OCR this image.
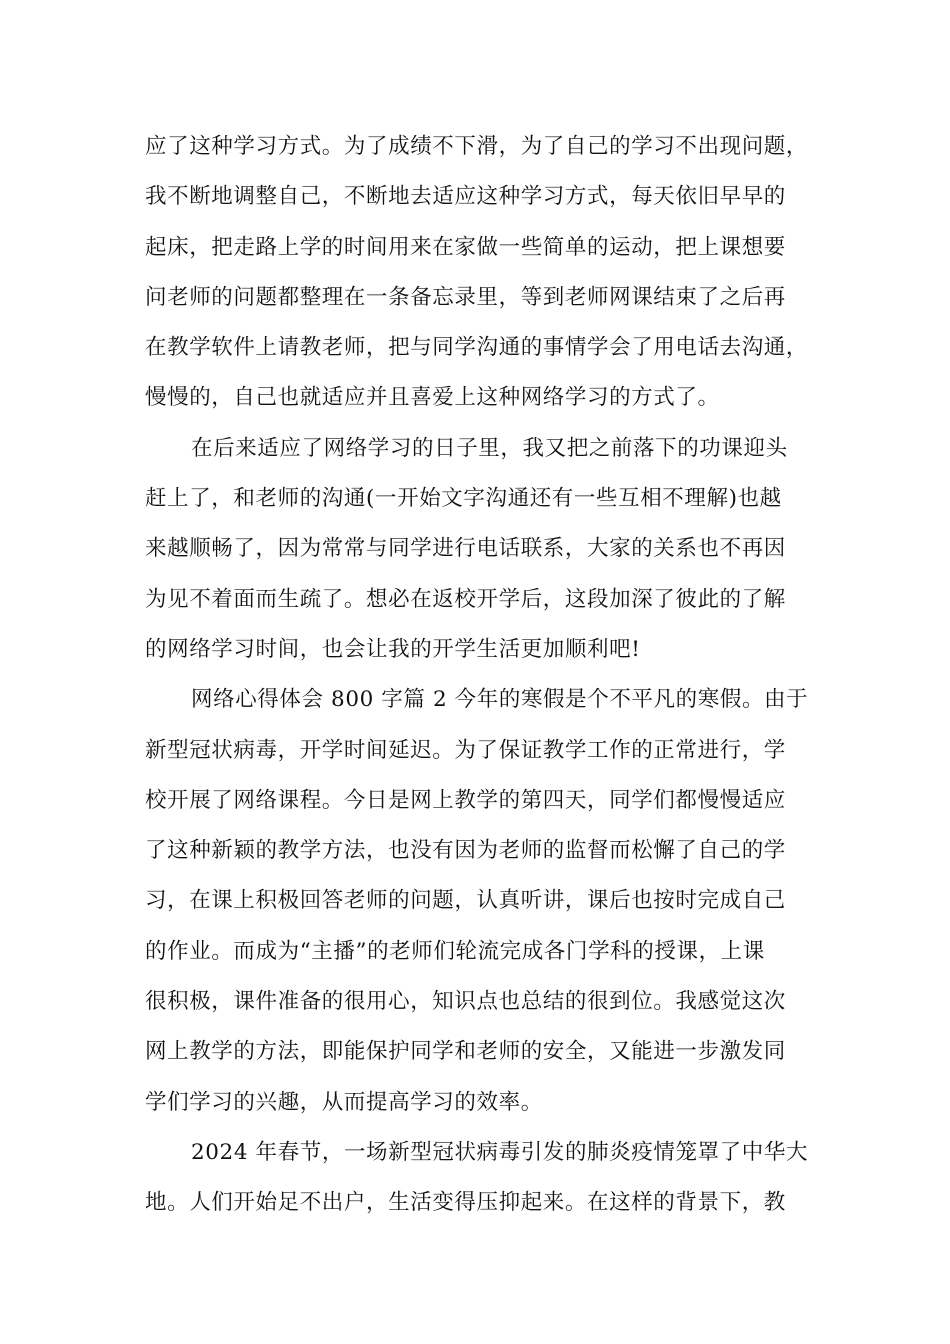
应了这种学习方式。为了成绩不下滑，为了自己的学习不出现问题，
我不断地调整自己，不断地去适应这种学习方式，每天依旧早早的
起床，把走路上学的时间用来在家做一些简单的运动，把上课想要
问老师的问题都整理在一条备忘录里，等到老师网课结束了之后再
在教学软件上请教老师，把与同学沟通的事情学会了用电话去沟通，
慢慢的，自己也就适应并且喜爱上这种网络学习的方式了。
在后来适应了网络学习的日子里，我又把之前落下的功课迎头
赶上了，和老师的沟通(一开始文字沟通还有一些互相不理解)也越
来越顺畅了，因为常常与同学进行电话联系，大家的关系也不再因
为见不着面而生疏了。想必在返校开学后，这段加深了彼此的了解
的网络学习时间，也会让我的开学生活更加顺利吧!
网络心得体会 800 字篇 2 今年的寒假是个不平凡的寒假。由于
新型冠状病毒，开学时间延迟。为了保证教学工作的正常进行，学
校开展了网络课程。今日是网上教学的第四天，同学们都慢慢适应
了这种新颖的教学方法，也没有因为老师的监督而松懈了自己的学
习，在课上积极回答老师的问题，认真听讲，课后也按时完成自己
的作业。而成为“主播”的老师们轮流完成各门学科的授课，上课
很积极，课件准备的很用心，知识点也总结的很到位。我感觉这次
网上教学的方法，即能保护同学和老师的安全，又能进一步激发同
学们学习的兴趣，从而提高学习的效率。
2024 年春节，一场新型冠状病毒引发的肺炎疫情笼罩了中华大
地。人们开始足不出户，生活变得压抑起来。在这样的背景下，教
